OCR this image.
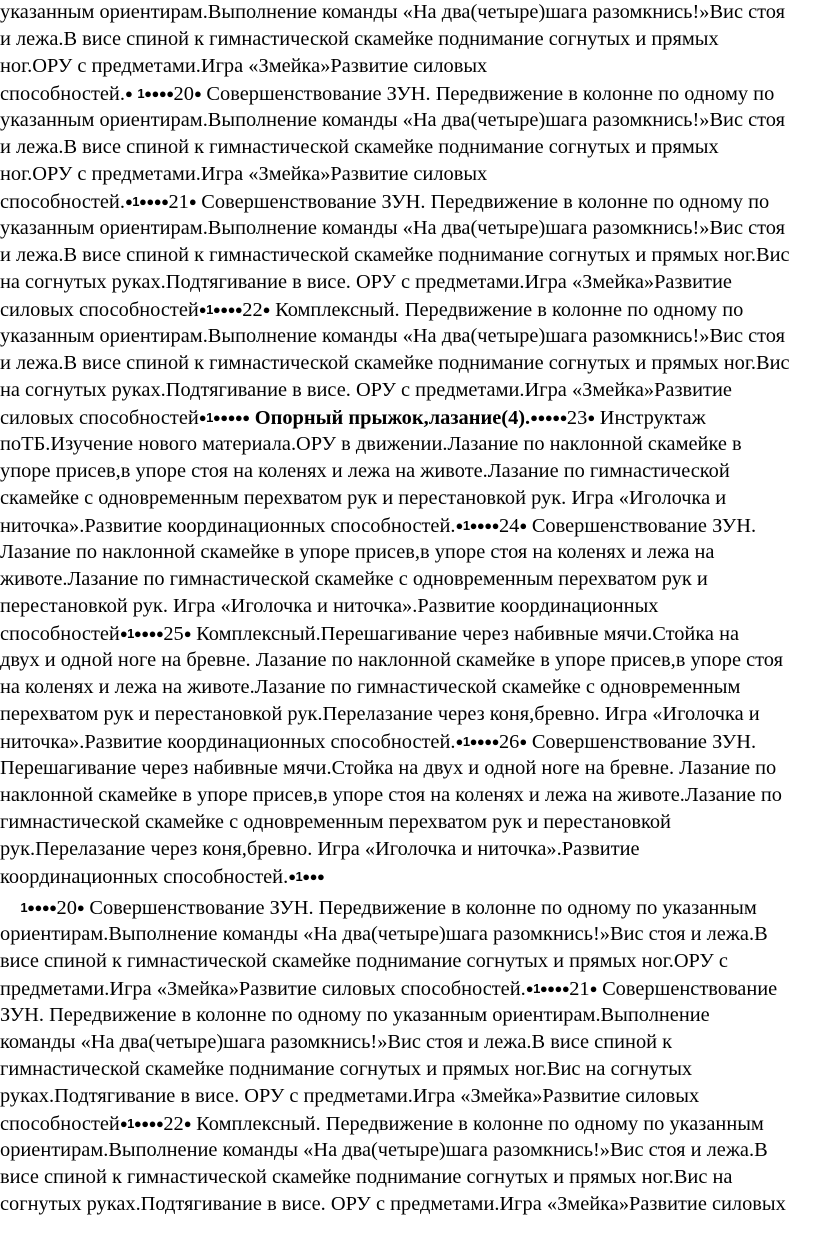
указанным ориентирам.Выполнение команды «На два(четыре)шага разомкнись!»Вис стоя
и лежа.В висе спиной к гимнастической скамейке поднимание согнутых и прямых
ног.ОРУ с предметами.Игра «Змейка»Развитие силовых
способностей.● 1●●●●20● Совершенствование ЗУН. Передвижение в колонне по одному по
указанным ориентирам.Выполнение команды «На два(четыре)шага разомкнись!»Вис стоя
и лежа.В висе спиной к гимнастической скамейке поднимание согнутых и прямых
ног.ОРУ с предметами.Игра «Змейка»Развитие силовых
способностей.●1●●●●21● Совершенствование ЗУН. Передвижение в колонне по одному по
указанным ориентирам.Выполнение команды «На два(четыре)шага разомкнись!»Вис стоя
и лежа.В висе спиной к гимнастической скамейке поднимание согнутых и прямых ног.Вис
на согнутых руках.Подтягивание в висе. ОРУ с предметами.Игра «Змейка»Развитие
силовых способностей●1●●●●22● Комплексный. Передвижение в колонне по одному по
указанным ориентирам.Выполнение команды «На два(четыре)шага разомкнись!»Вис стоя
и лежа.В висе спиной к гимнастической скамейке поднимание согнутых и прямых ног.Вис
на согнутых руках.Подтягивание в висе. ОРУ с предметами.Игра «Змейка»Развитие
силовых способностей●1●●●●● Опорный прыжок,лазание(4).●●●●●23● Инструктаж
поТБ.Изучение нового материала.ОРУ в движении.Лазание по наклонной скамейке в
упоре присев,в упоре стоя на коленях и лежа на животе.Лазание по гимнастической
скамейке с одновременным перехватом рук и перестановкой рук. Игра «Иголочка и
ниточка».Развитие координационных способностей.●1●●●●24● Совершенствование ЗУН.
Лазание по наклонной скамейке в упоре присев,в упоре стоя на коленях и лежа на
животе.Лазание по гимнастической скамейке с одновременным перехватом рук и
перестановкой рук. Игра «Иголочка и ниточка».Развитие координационных
способностей●1●●●●25● Комплексный.Перешагивание через набивные мячи.Стойка на
двух и одной ноге на бревне. Лазание по наклонной скамейке в упоре присев,в упоре стоя
на коленях и лежа на животе.Лазание по гимнастической скамейке с одновременным
перехватом рук и перестановкой рук.Перелазание через коня,бревно. Игра «Иголочка и
ниточка».Развитие координационных способностей.●1●●●●26● Совершенствование ЗУН.
Перешагивание через набивные мячи.Стойка на двух и одной ноге на бревне. Лазание по
наклонной скамейке в упоре присев,в упоре стоя на коленях и лежа на животе.Лазание по
гимнастической скамейке с одновременным перехватом рук и перестановкой
рук.Перелазание через коня,бревно. Игра «Иголочка и ниточка».Развитие
координационных способностей.●1●●●
1●●●●20● Совершенствование ЗУН. Передвижение в колонне по одному по указанным
ориентирам.Выполнение команды «На два(четыре)шага разомкнись!»Вис стоя и лежа.В
висе спиной к гимнастической скамейке поднимание согнутых и прямых ног.ОРУ с
предметами.Игра «Змейка»Развитие силовых способностей.●1●●●●21● Совершенствование
ЗУН. Передвижение в колонне по одному по указанным ориентирам.Выполнение
команды «На два(четыре)шага разомкнись!»Вис стоя и лежа.В висе спиной к
гимнастической скамейке поднимание согнутых и прямых ног.Вис на согнутых
руках.Подтягивание в висе. ОРУ с предметами.Игра «Змейка»Развитие силовых
способностей●1●●●●22● Комплексный. Передвижение в колонне по одному по указанным
ориентирам.Выполнение команды «На два(четыре)шага разомкнись!»Вис стоя и лежа.В
висе спиной к гимнастической скамейке поднимание согнутых и прямых ног.Вис на
согнутых руках.Подтягивание в висе. ОРУ с предметами.Игра «Змейка»Развитие силовых
